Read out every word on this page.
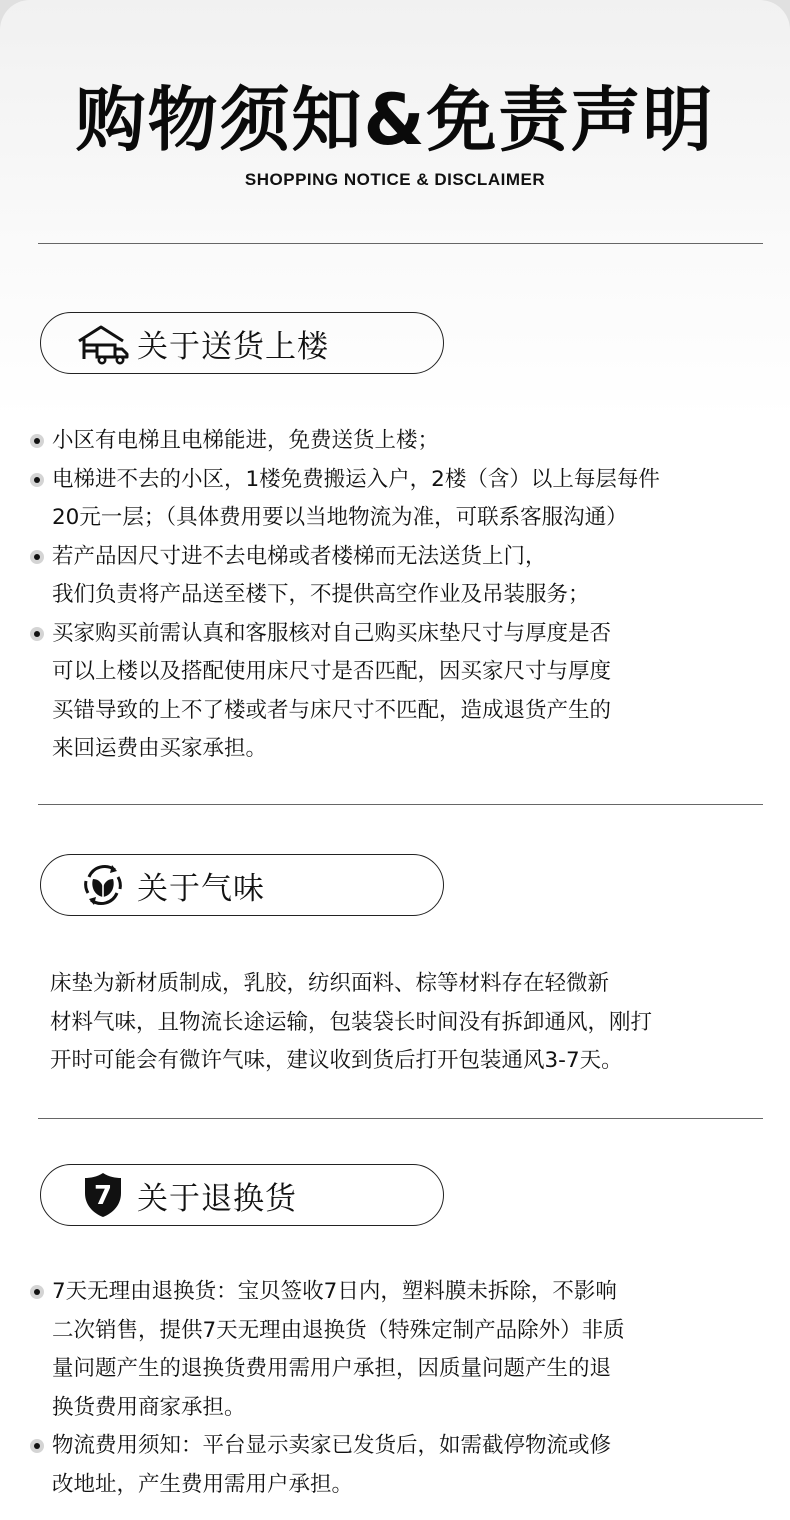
购物须知&免责声明
SHOPPING NOTICE & DISCLAIMER
关于送货上楼
小区有电梯且电梯能进，免费送货上楼；
电梯进不去的小区，1楼免费搬运入户，2楼（含）以上每层每件
20元一层；（具体费用要以当地物流为准，可联系客服沟通）
若产品因尺寸进不去电梯或者楼梯而无法送货上门，
我们负责将产品送至楼下，不提供高空作业及吊装服务；
买家购买前需认真和客服核对自己购买床垫尺寸与厚度是否
可以上楼以及搭配使用床尺寸是否匹配，因买家尺寸与厚度
买错导致的上不了楼或者与床尺寸不匹配，造成退货产生的
来回运费由买家承担。
关于气味
床垫为新材质制成，乳胶，纺织面料、棕等材料存在轻微新
材料气味，且物流长途运输，包装袋长时间没有拆卸通风，刚打
开时可能会有微许气味，建议收到货后打开包装通风3-7天。
7 关于退换货
7天无理由退换货：宝贝签收7日内，塑料膜未拆除，不影响
二次销售，提供7天无理由退换货（特殊定制产品除外）非质
量问题产生的退换货费用需用户承担，因质量问题产生的退
换货费用商家承担。
物流费用须知：平台显示卖家已发货后，如需截停物流或修
改地址，产生费用需用户承担。
